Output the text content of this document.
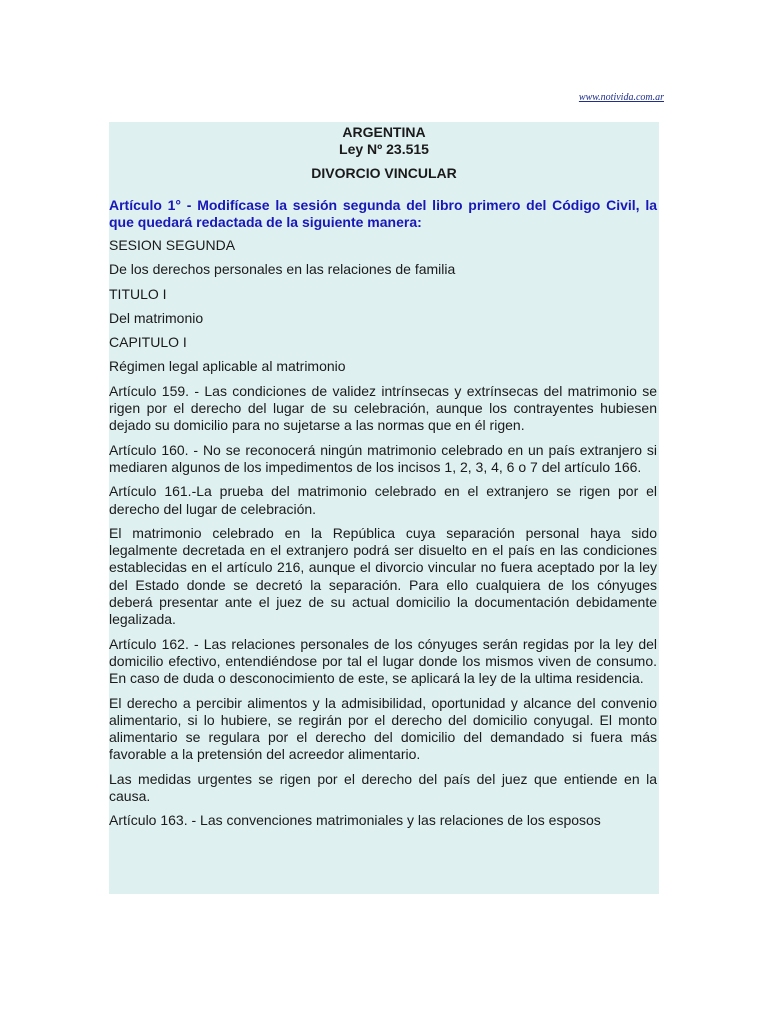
www.notivida.com.ar
ARGENTINA
Ley Nº 23.515
DIVORCIO VINCULAR
Artículo 1° - Modifícase la sesión segunda del libro primero del Código Civil, la que quedará redactada de la siguiente manera:

SESION SEGUNDA

De los derechos personales en las relaciones de familia

TITULO I

Del matrimonio

CAPITULO I

Régimen legal aplicable al matrimonio

Artículo 159. - Las condiciones de validez intrínsecas y extrínsecas del matrimonio se rigen por el derecho del lugar de su celebración, aunque los contrayentes hubiesen dejado su domicilio para no sujetarse a las normas que en él rigen.

Artículo 160. - No se reconocerá ningún matrimonio celebrado en un país extranjero si mediaren algunos de los impedimentos de los incisos 1, 2, 3, 4, 6 o 7 del artículo 166.

Artículo 161.-La prueba del matrimonio celebrado en el extranjero se rigen por el derecho del lugar de celebración.

El matrimonio celebrado en la República cuya separación personal haya sido legalmente decretada en el extranjero podrá ser disuelto en el país en las condiciones establecidas en el artículo 216, aunque el divorcio vincular no fuera aceptado por la ley del Estado donde se decretó la separación. Para ello cualquiera de los cónyuges deberá presentar ante el juez de su actual domicilio la documentación debidamente legalizada.

Artículo 162. - Las relaciones personales de los cónyuges serán regidas por la ley del domicilio efectivo, entendiéndose por tal el lugar donde los mismos viven de consumo. En caso de duda o desconocimiento de este, se aplicará la ley de la ultima residencia.

El derecho a percibir alimentos y la admisibilidad, oportunidad y alcance del convenio alimentario, si lo hubiere, se regirán por el derecho del domicilio conyugal. El monto alimentario se regulara por el derecho del domicilio del demandado si fuera más favorable a la pretensión del acreedor alimentario.

Las medidas urgentes se rigen por el derecho del país del juez que entiende en la causa.

Artículo 163. - Las convenciones matrimoniales y las relaciones de los esposos
